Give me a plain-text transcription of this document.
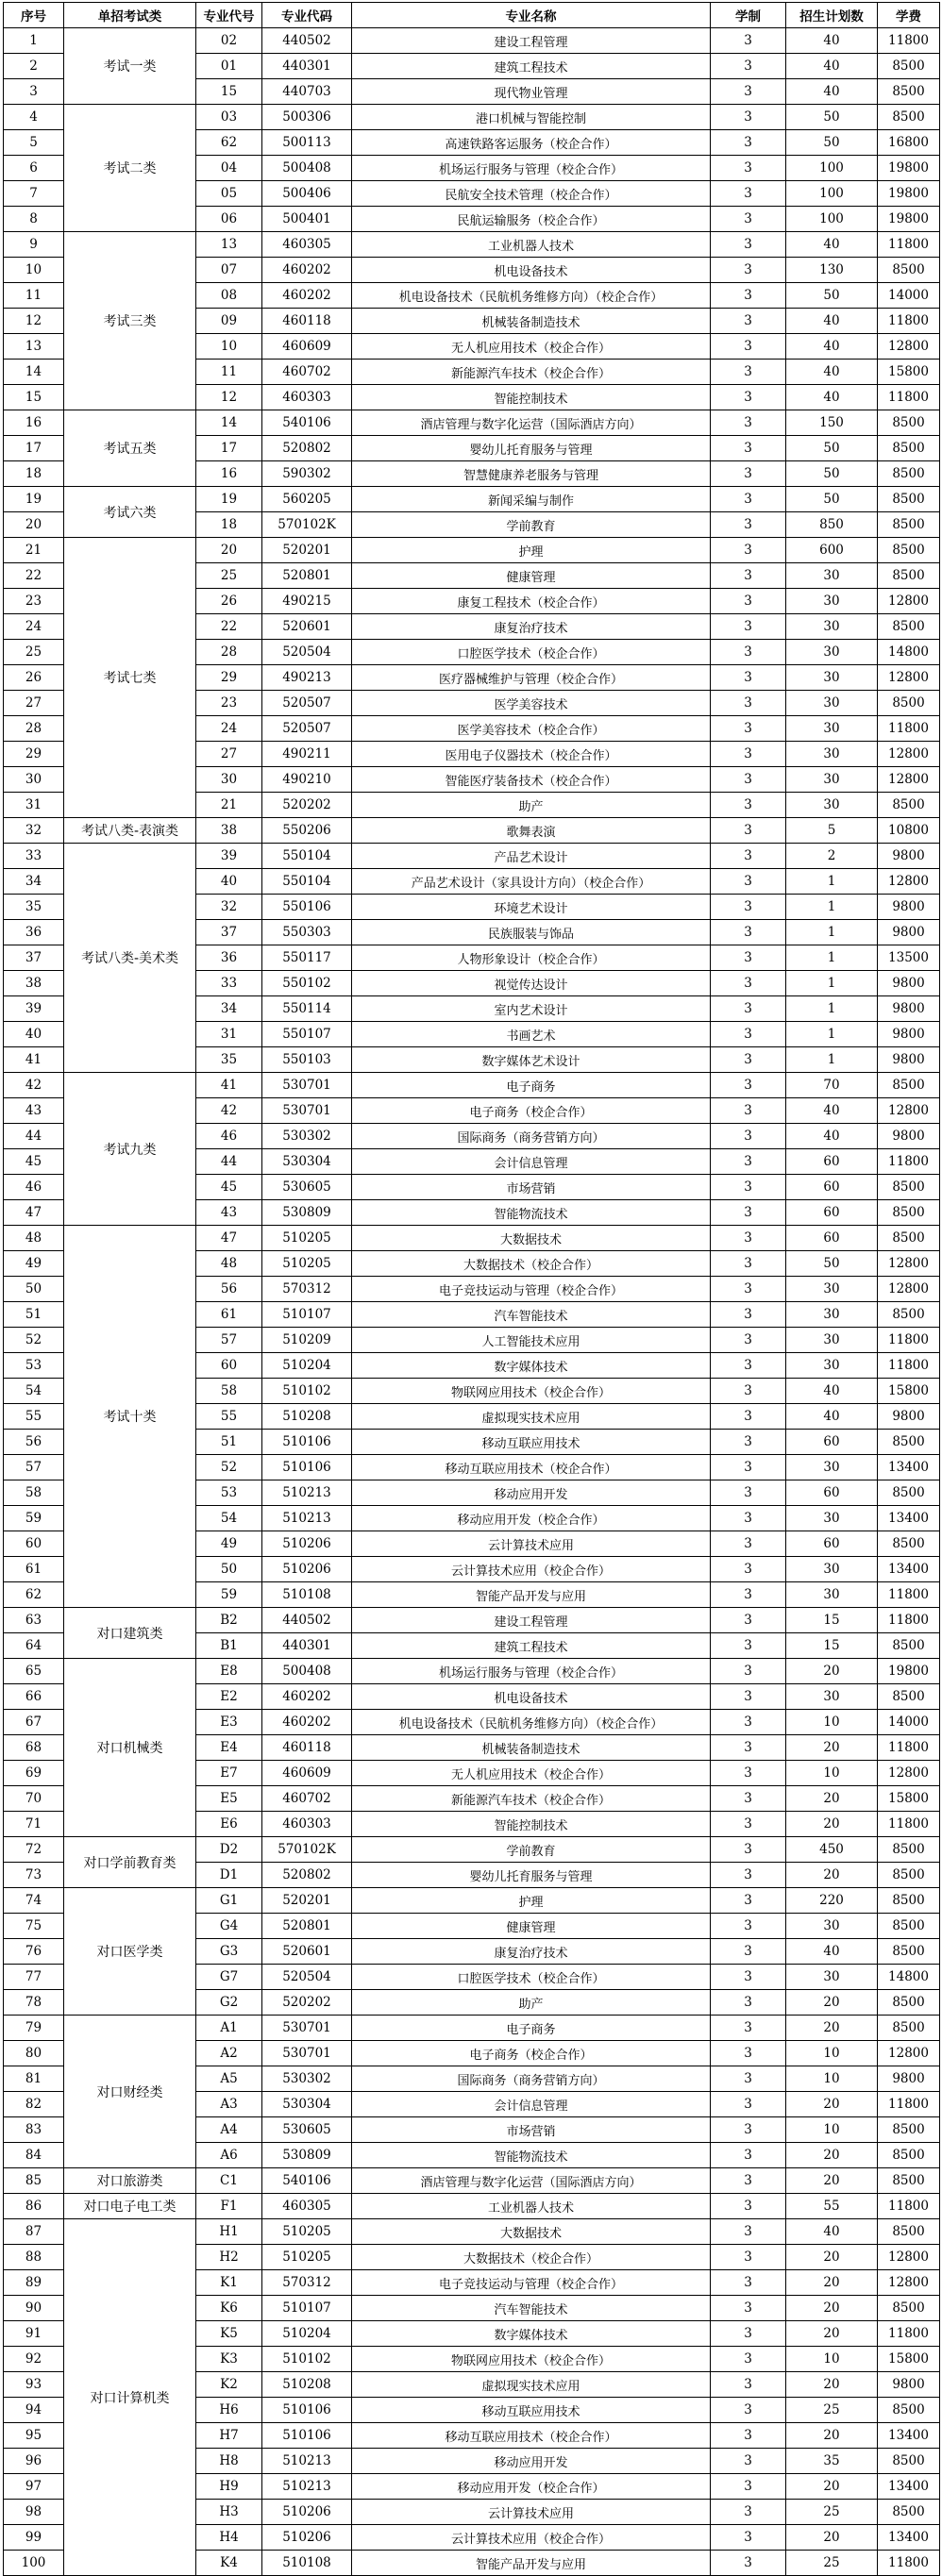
序号	单招考试类	专业代号	专业代码	专业名称	学制	招生计划数	学费
1	考试一类	02	440502	建设工程管理	3	40	11800
2		01	440301	建筑工程技术	3	40	8500
3		15	440703	现代物业管理	3	40	8500
4	考试二类	03	500306	港口机械与智能控制	3	50	8500
5		62	500113	高速铁路客运服务（校企合作）	3	50	16800
6		04	500408	机场运行服务与管理（校企合作）	3	100	19800
7		05	500406	民航安全技术管理（校企合作）	3	100	19800
8		06	500401	民航运输服务（校企合作）	3	100	19800
9	考试三类	13	460305	工业机器人技术	3	40	11800
10		07	460202	机电设备技术	3	130	8500
11		08	460202	机电设备技术（民航机务维修方向）（校企合作）	3	50	14000
12		09	460118	机械装备制造技术	3	40	11800
13		10	460609	无人机应用技术（校企合作）	3	40	12800
14		11	460702	新能源汽车技术（校企合作）	3	40	15800
15		12	460303	智能控制技术	3	40	11800
16	考试五类	14	540106	酒店管理与数字化运营（国际酒店方向）	3	150	8500
17		17	520802	婴幼儿托育服务与管理	3	50	8500
18		16	590302	智慧健康养老服务与管理	3	50	8500
19	考试六类	19	560205	新闻采编与制作	3	50	8500
20		18	570102K	学前教育	3	850	8500
21	考试七类	20	520201	护理	3	600	8500
22		25	520801	健康管理	3	30	8500
23		26	490215	康复工程技术（校企合作）	3	30	12800
24		22	520601	康复治疗技术	3	30	8500
25		28	520504	口腔医学技术（校企合作）	3	30	14800
26		29	490213	医疗器械维护与管理（校企合作）	3	30	12800
27		23	520507	医学美容技术	3	30	8500
28		24	520507	医学美容技术（校企合作）	3	30	11800
29		27	490211	医用电子仪器技术（校企合作）	3	30	12800
30		30	490210	智能医疗装备技术（校企合作）	3	30	12800
31		21	520202	助产	3	30	8500
32	考试八类-表演类	38	550206	歌舞表演	3	5	10800
33	考试八类-美术类	39	550104	产品艺术设计	3	2	9800
34		40	550104	产品艺术设计（家具设计方向）（校企合作）	3	1	12800
35		32	550106	环境艺术设计	3	1	9800
36		37	550303	民族服装与饰品	3	1	9800
37		36	550117	人物形象设计（校企合作）	3	1	13500
38		33	550102	视觉传达设计	3	1	9800
39		34	550114	室内艺术设计	3	1	9800
40		31	550107	书画艺术	3	1	9800
41		35	550103	数字媒体艺术设计	3	1	9800
42	考试九类	41	530701	电子商务	3	70	8500
43		42	530701	电子商务（校企合作）	3	40	12800
44		46	530302	国际商务（商务营销方向）	3	40	9800
45		44	530304	会计信息管理	3	60	11800
46		45	530605	市场营销	3	60	8500
47		43	530809	智能物流技术	3	60	8500
48	考试十类	47	510205	大数据技术	3	60	8500
49		48	510205	大数据技术（校企合作）	3	50	12800
50		56	570312	电子竞技运动与管理（校企合作）	3	30	12800
51		61	510107	汽车智能技术	3	30	8500
52		57	510209	人工智能技术应用	3	30	11800
53		60	510204	数字媒体技术	3	30	11800
54		58	510102	物联网应用技术（校企合作）	3	40	15800
55		55	510208	虚拟现实技术应用	3	40	9800
56		51	510106	移动互联应用技术	3	60	8500
57		52	510106	移动互联应用技术（校企合作）	3	30	13400
58		53	510213	移动应用开发	3	60	8500
59		54	510213	移动应用开发（校企合作）	3	30	13400
60		49	510206	云计算技术应用	3	60	8500
61		50	510206	云计算技术应用（校企合作）	3	30	13400
62		59	510108	智能产品开发与应用	3	30	11800
63	对口建筑类	B2	440502	建设工程管理	3	15	11800
64		B1	440301	建筑工程技术	3	15	8500
65	对口机械类	E8	500408	机场运行服务与管理（校企合作）	3	20	19800
66		E2	460202	机电设备技术	3	30	8500
67		E3	460202	机电设备技术（民航机务维修方向）（校企合作）	3	10	14000
68		E4	460118	机械装备制造技术	3	20	11800
69		E7	460609	无人机应用技术（校企合作）	3	10	12800
70		E5	460702	新能源汽车技术（校企合作）	3	20	15800
71		E6	460303	智能控制技术	3	20	11800
72	对口学前教育类	D2	570102K	学前教育	3	450	8500
73		D1	520802	婴幼儿托育服务与管理	3	20	8500
74	对口医学类	G1	520201	护理	3	220	8500
75		G4	520801	健康管理	3	30	8500
76		G3	520601	康复治疗技术	3	40	8500
77		G7	520504	口腔医学技术（校企合作）	3	30	14800
78		G2	520202	助产	3	20	8500
79	对口财经类	A1	530701	电子商务	3	20	8500
80		A2	530701	电子商务（校企合作）	3	10	12800
81		A5	530302	国际商务（商务营销方向）	3	10	9800
82		A3	530304	会计信息管理	3	20	11800
83		A4	530605	市场营销	3	10	8500
84		A6	530809	智能物流技术	3	20	8500
85	对口旅游类	C1	540106	酒店管理与数字化运营（国际酒店方向）	3	20	8500
86	对口电子电工类	F1	460305	工业机器人技术	3	55	11800
87	对口计算机类	H1	510205	大数据技术	3	40	8500
88		H2	510205	大数据技术（校企合作）	3	20	12800
89		K1	570312	电子竞技运动与管理（校企合作）	3	20	12800
90		K6	510107	汽车智能技术	3	20	8500
91		K5	510204	数字媒体技术	3	20	11800
92		K3	510102	物联网应用技术（校企合作）	3	10	15800
93		K2	510208	虚拟现实技术应用	3	20	9800
94		H6	510106	移动互联应用技术	3	25	8500
95		H7	510106	移动互联应用技术（校企合作）	3	20	13400
96		H8	510213	移动应用开发	3	35	8500
97		H9	510213	移动应用开发（校企合作）	3	20	13400
98		H3	510206	云计算技术应用	3	25	8500
99		H4	510206	云计算技术应用（校企合作）	3	20	13400
100		K4	510108	智能产品开发与应用	3	25	11800
